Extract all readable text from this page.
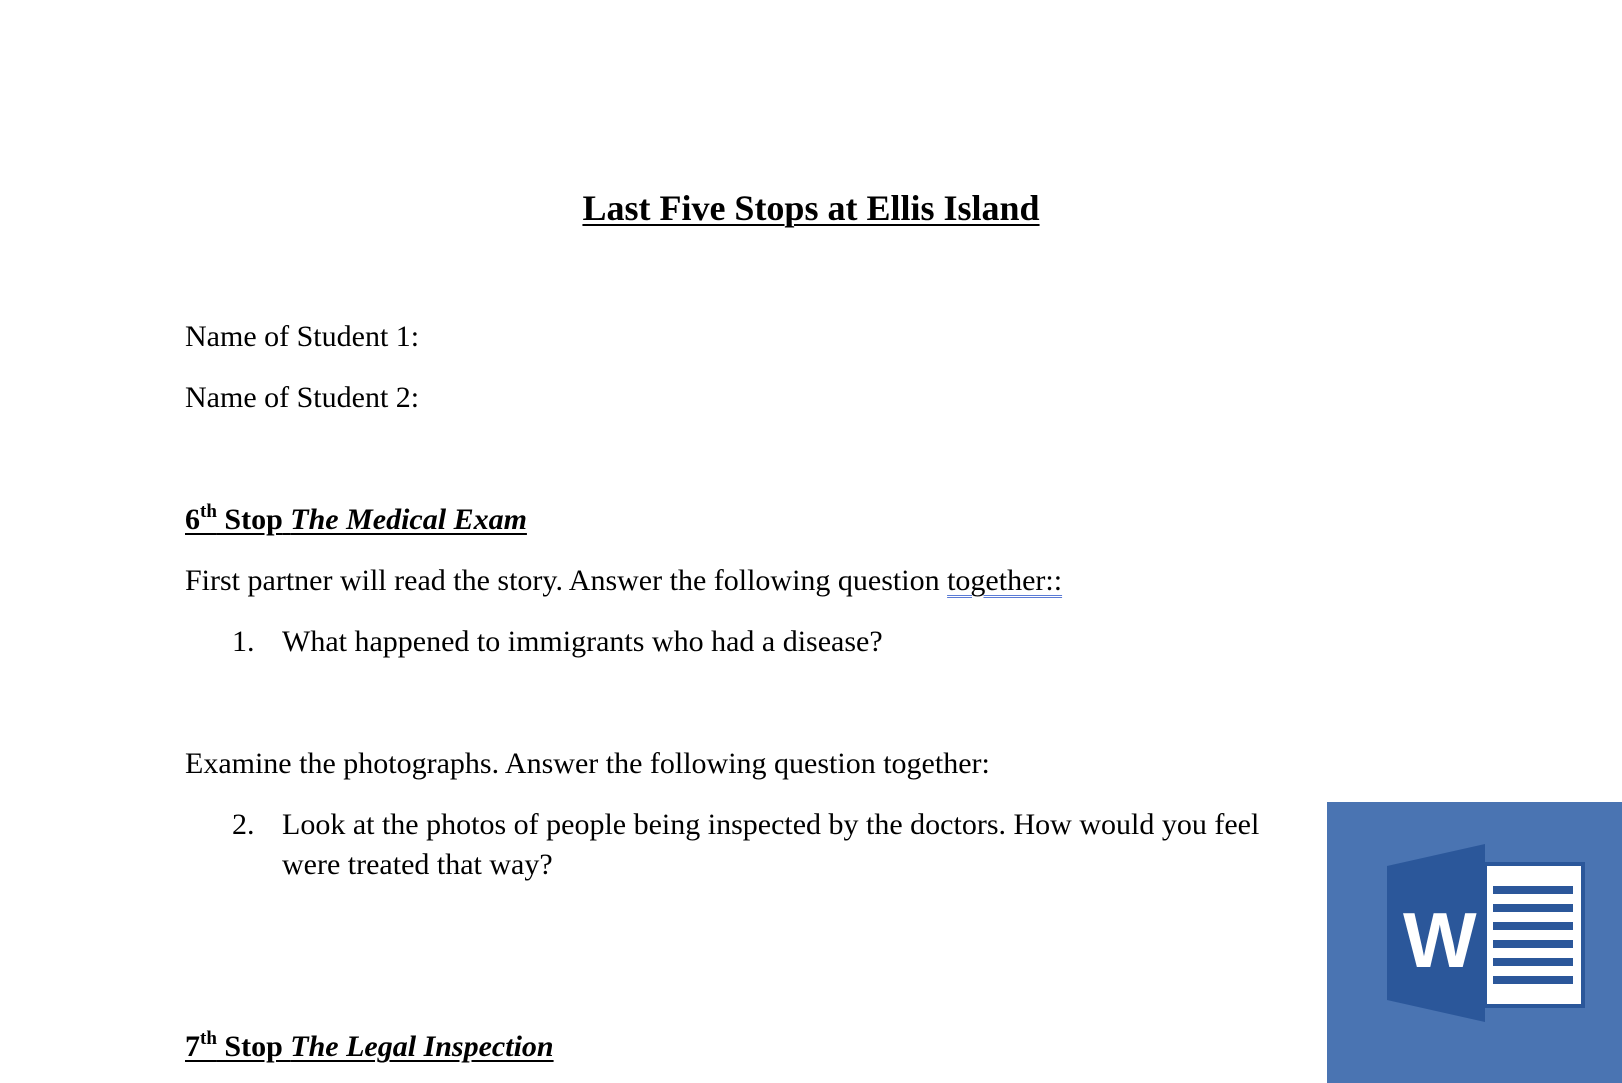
Last Five Stops at Ellis Island
Name of Student 1:
Name of Student 2:
6th Stop The Medical Exam
First partner will read the story. Answer the following question together::
1. What happened to immigrants who had a disease?
Examine the photographs. Answer the following question together:
2. Look at the photos of people being inspected by the doctors. How would you feel
were treated that way?
7th Stop The Legal Inspection
W
